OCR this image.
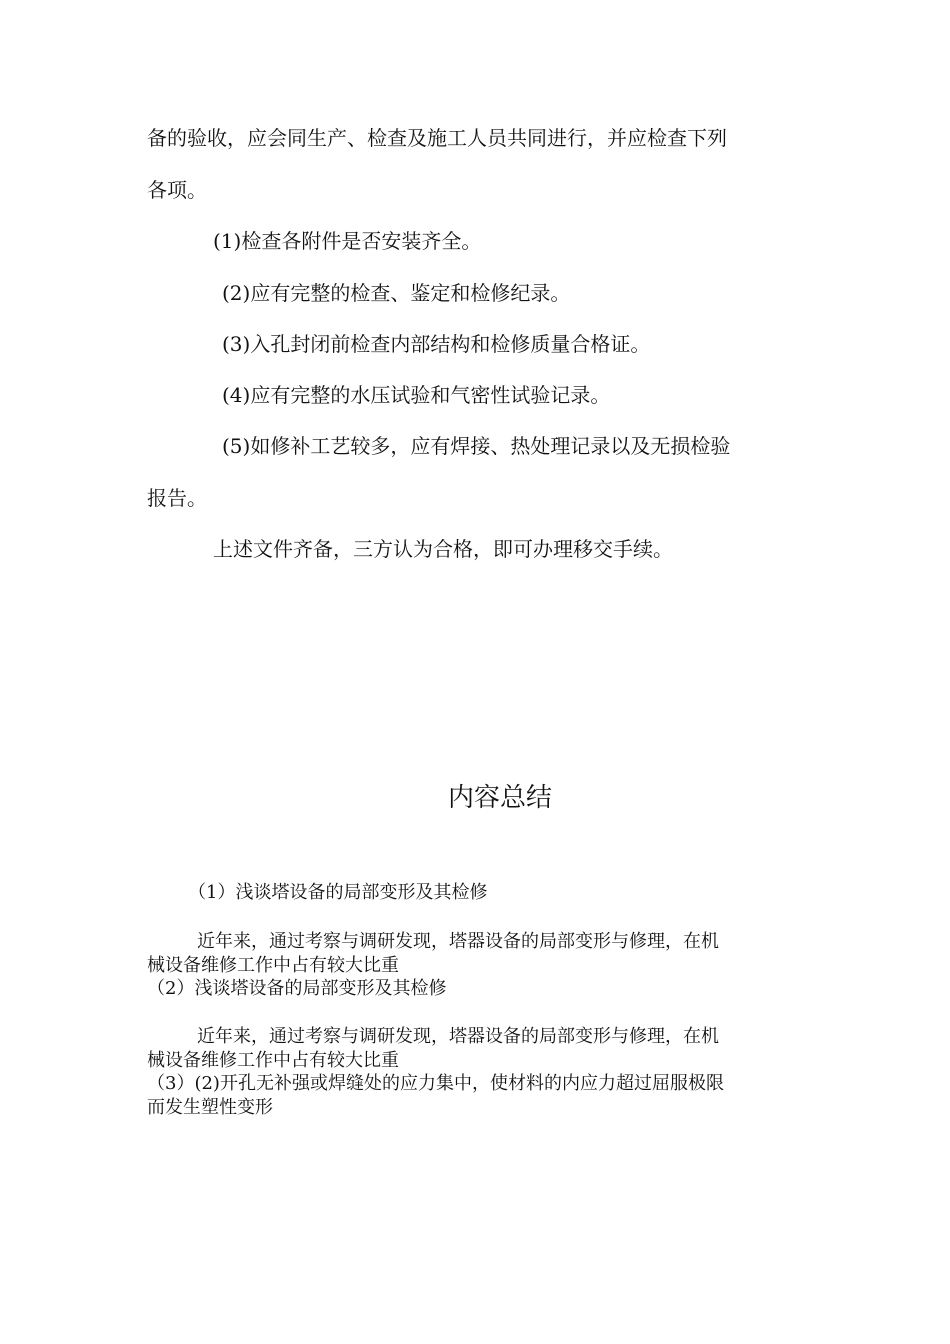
备的验收，应会同生产、检查及施工人员共同进行，并应检查下列
各项。
(1)检查各附件是否安装齐全。
(2)应有完整的检查、鉴定和检修纪录。
(3)入孔封闭前检查内部结构和检修质量合格证。
(4)应有完整的水压试验和气密性试验记录。
(5)如修补工艺较多，应有焊接、热处理记录以及无损检验
报告。
上述文件齐备，三方认为合格，即可办理移交手续。
内容总结
（1）浅谈塔设备的局部变形及其检修
近年来，通过考察与调研发现，塔器设备的局部变形与修理，在机
械设备维修工作中占有较大比重
（2）浅谈塔设备的局部变形及其检修
近年来，通过考察与调研发现，塔器设备的局部变形与修理，在机
械设备维修工作中占有较大比重
（3）(2)开孔无补强或焊缝处的应力集中，使材料的内应力超过屈服极限
而发生塑性变形
